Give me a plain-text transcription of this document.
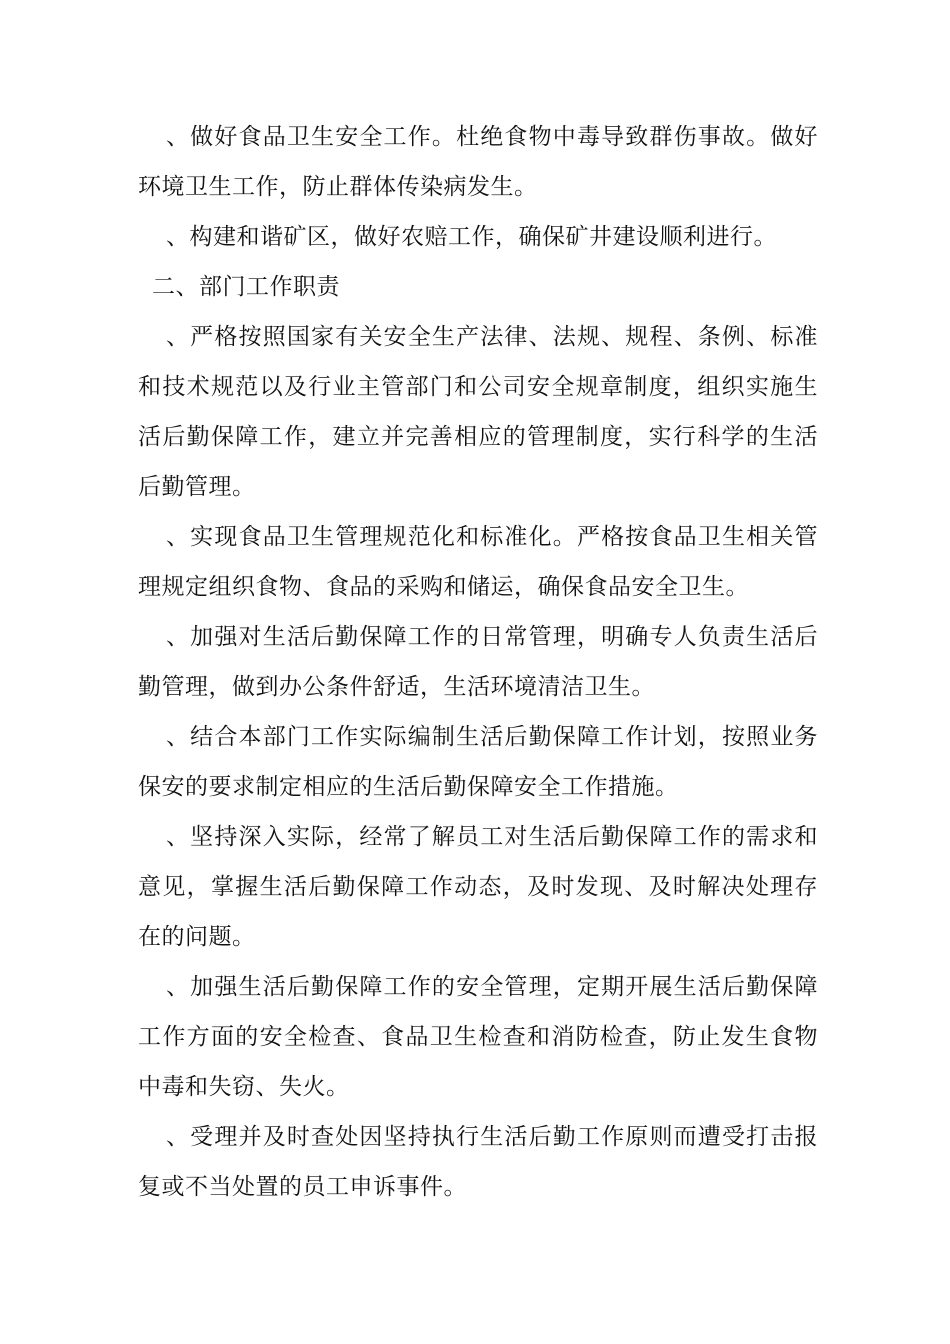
、做好食品卫生安全工作。杜绝食物中毒导致群伤事故。做好环境卫生工作，防止群体传染病发生。

、构建和谐矿区，做好农赔工作，确保矿井建设顺利进行。

二、部门工作职责

、严格按照国家有关安全生产法律、法规、规程、条例、标准和技术规范以及行业主管部门和公司安全规章制度，组织实施生活后勤保障工作，建立并完善相应的管理制度，实行科学的生活后勤管理。

、实现食品卫生管理规范化和标准化。严格按食品卫生相关管理规定组织食物、食品的采购和储运，确保食品安全卫生。

、加强对生活后勤保障工作的日常管理，明确专人负责生活后勤管理，做到办公条件舒适，生活环境清洁卫生。

、结合本部门工作实际编制生活后勤保障工作计划，按照业务保安的要求制定相应的生活后勤保障安全工作措施。

、坚持深入实际，经常了解员工对生活后勤保障工作的需求和意见，掌握生活后勤保障工作动态，及时发现、及时解决处理存在的问题。

、加强生活后勤保障工作的安全管理，定期开展生活后勤保障工作方面的安全检查、食品卫生检查和消防检查，防止发生食物中毒和失窃、失火。

、受理并及时查处因坚持执行生活后勤工作原则而遭受打击报复或不当处置的员工申诉事件。
